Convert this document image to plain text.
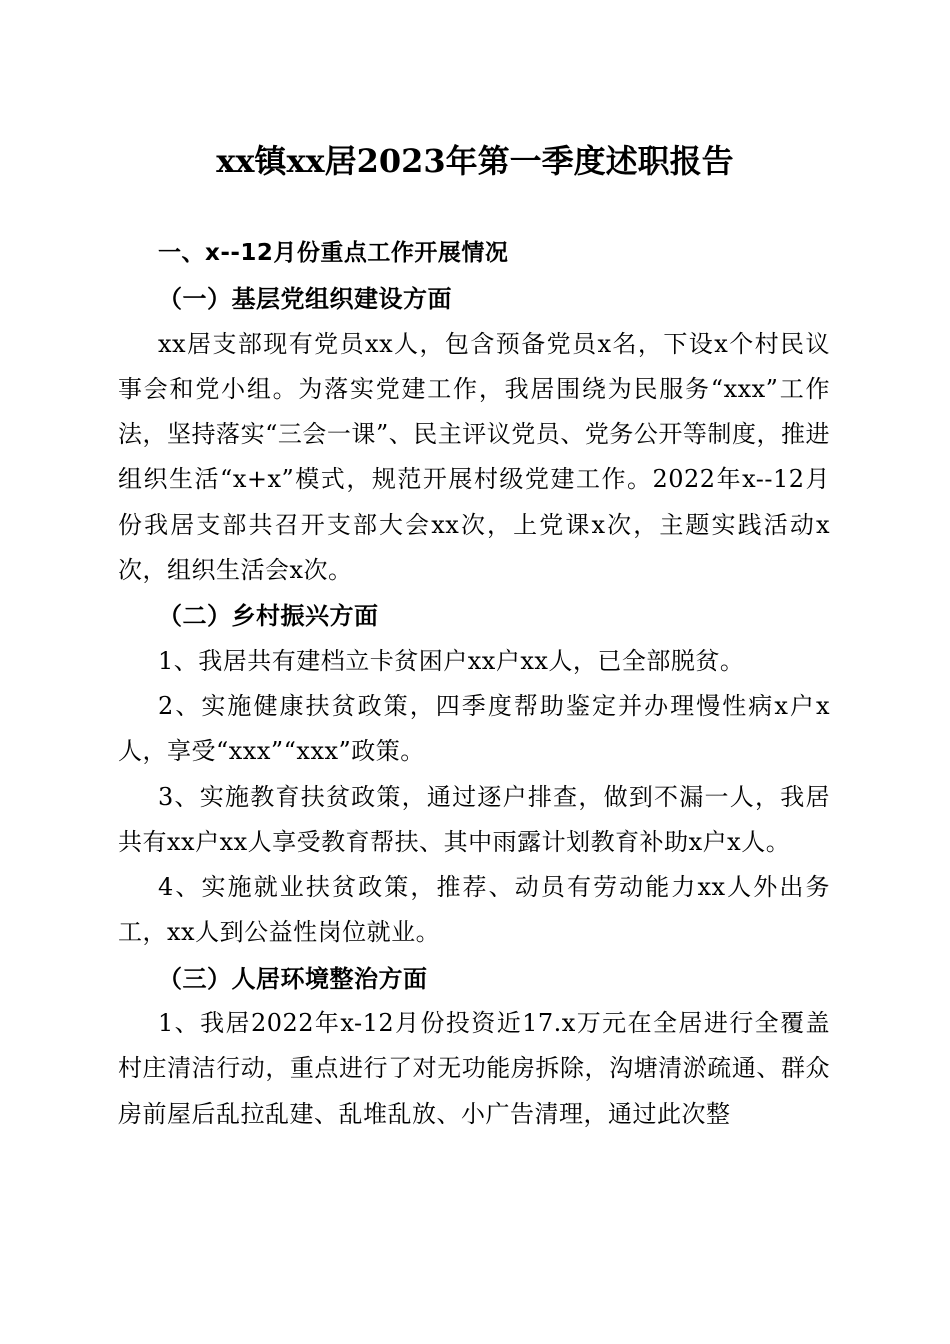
xx镇xx居2023年第一季度述职报告

一、x--12月份重点工作开展情况

（一）基层党组织建设方面

xx居支部现有党员xx人，包含预备党员x名，下设x个村民议事会和党小组。为落实党建工作，我居围绕为民服务“xxx”工作法，坚持落实“三会一课”、民主评议党员、党务公开等制度，推进组织生活“x+x”模式，规范开展村级党建工作。2022年x--12月份我居支部共召开支部大会xx次，上党课x次，主题实践活动x次，组织生活会x次。

（二）乡村振兴方面

1、我居共有建档立卡贫困户xx户xx人，已全部脱贫。

2、实施健康扶贫政策，四季度帮助鉴定并办理慢性病x户x人，享受“xxx”“xxx”政策。

3、实施教育扶贫政策，通过逐户排查，做到不漏一人，我居共有xx户xx人享受教育帮扶、其中雨露计划教育补助x户x人。

4、实施就业扶贫政策，推荐、动员有劳动能力xx人外出务工，xx人到公益性岗位就业。

（三）人居环境整治方面

1、我居2022年x-12月份投资近17.x万元在全居进行全覆盖村庄清洁行动，重点进行了对无功能房拆除，沟塘清淤疏通、群众房前屋后乱拉乱建、乱堆乱放、小广告清理，通过此次整
